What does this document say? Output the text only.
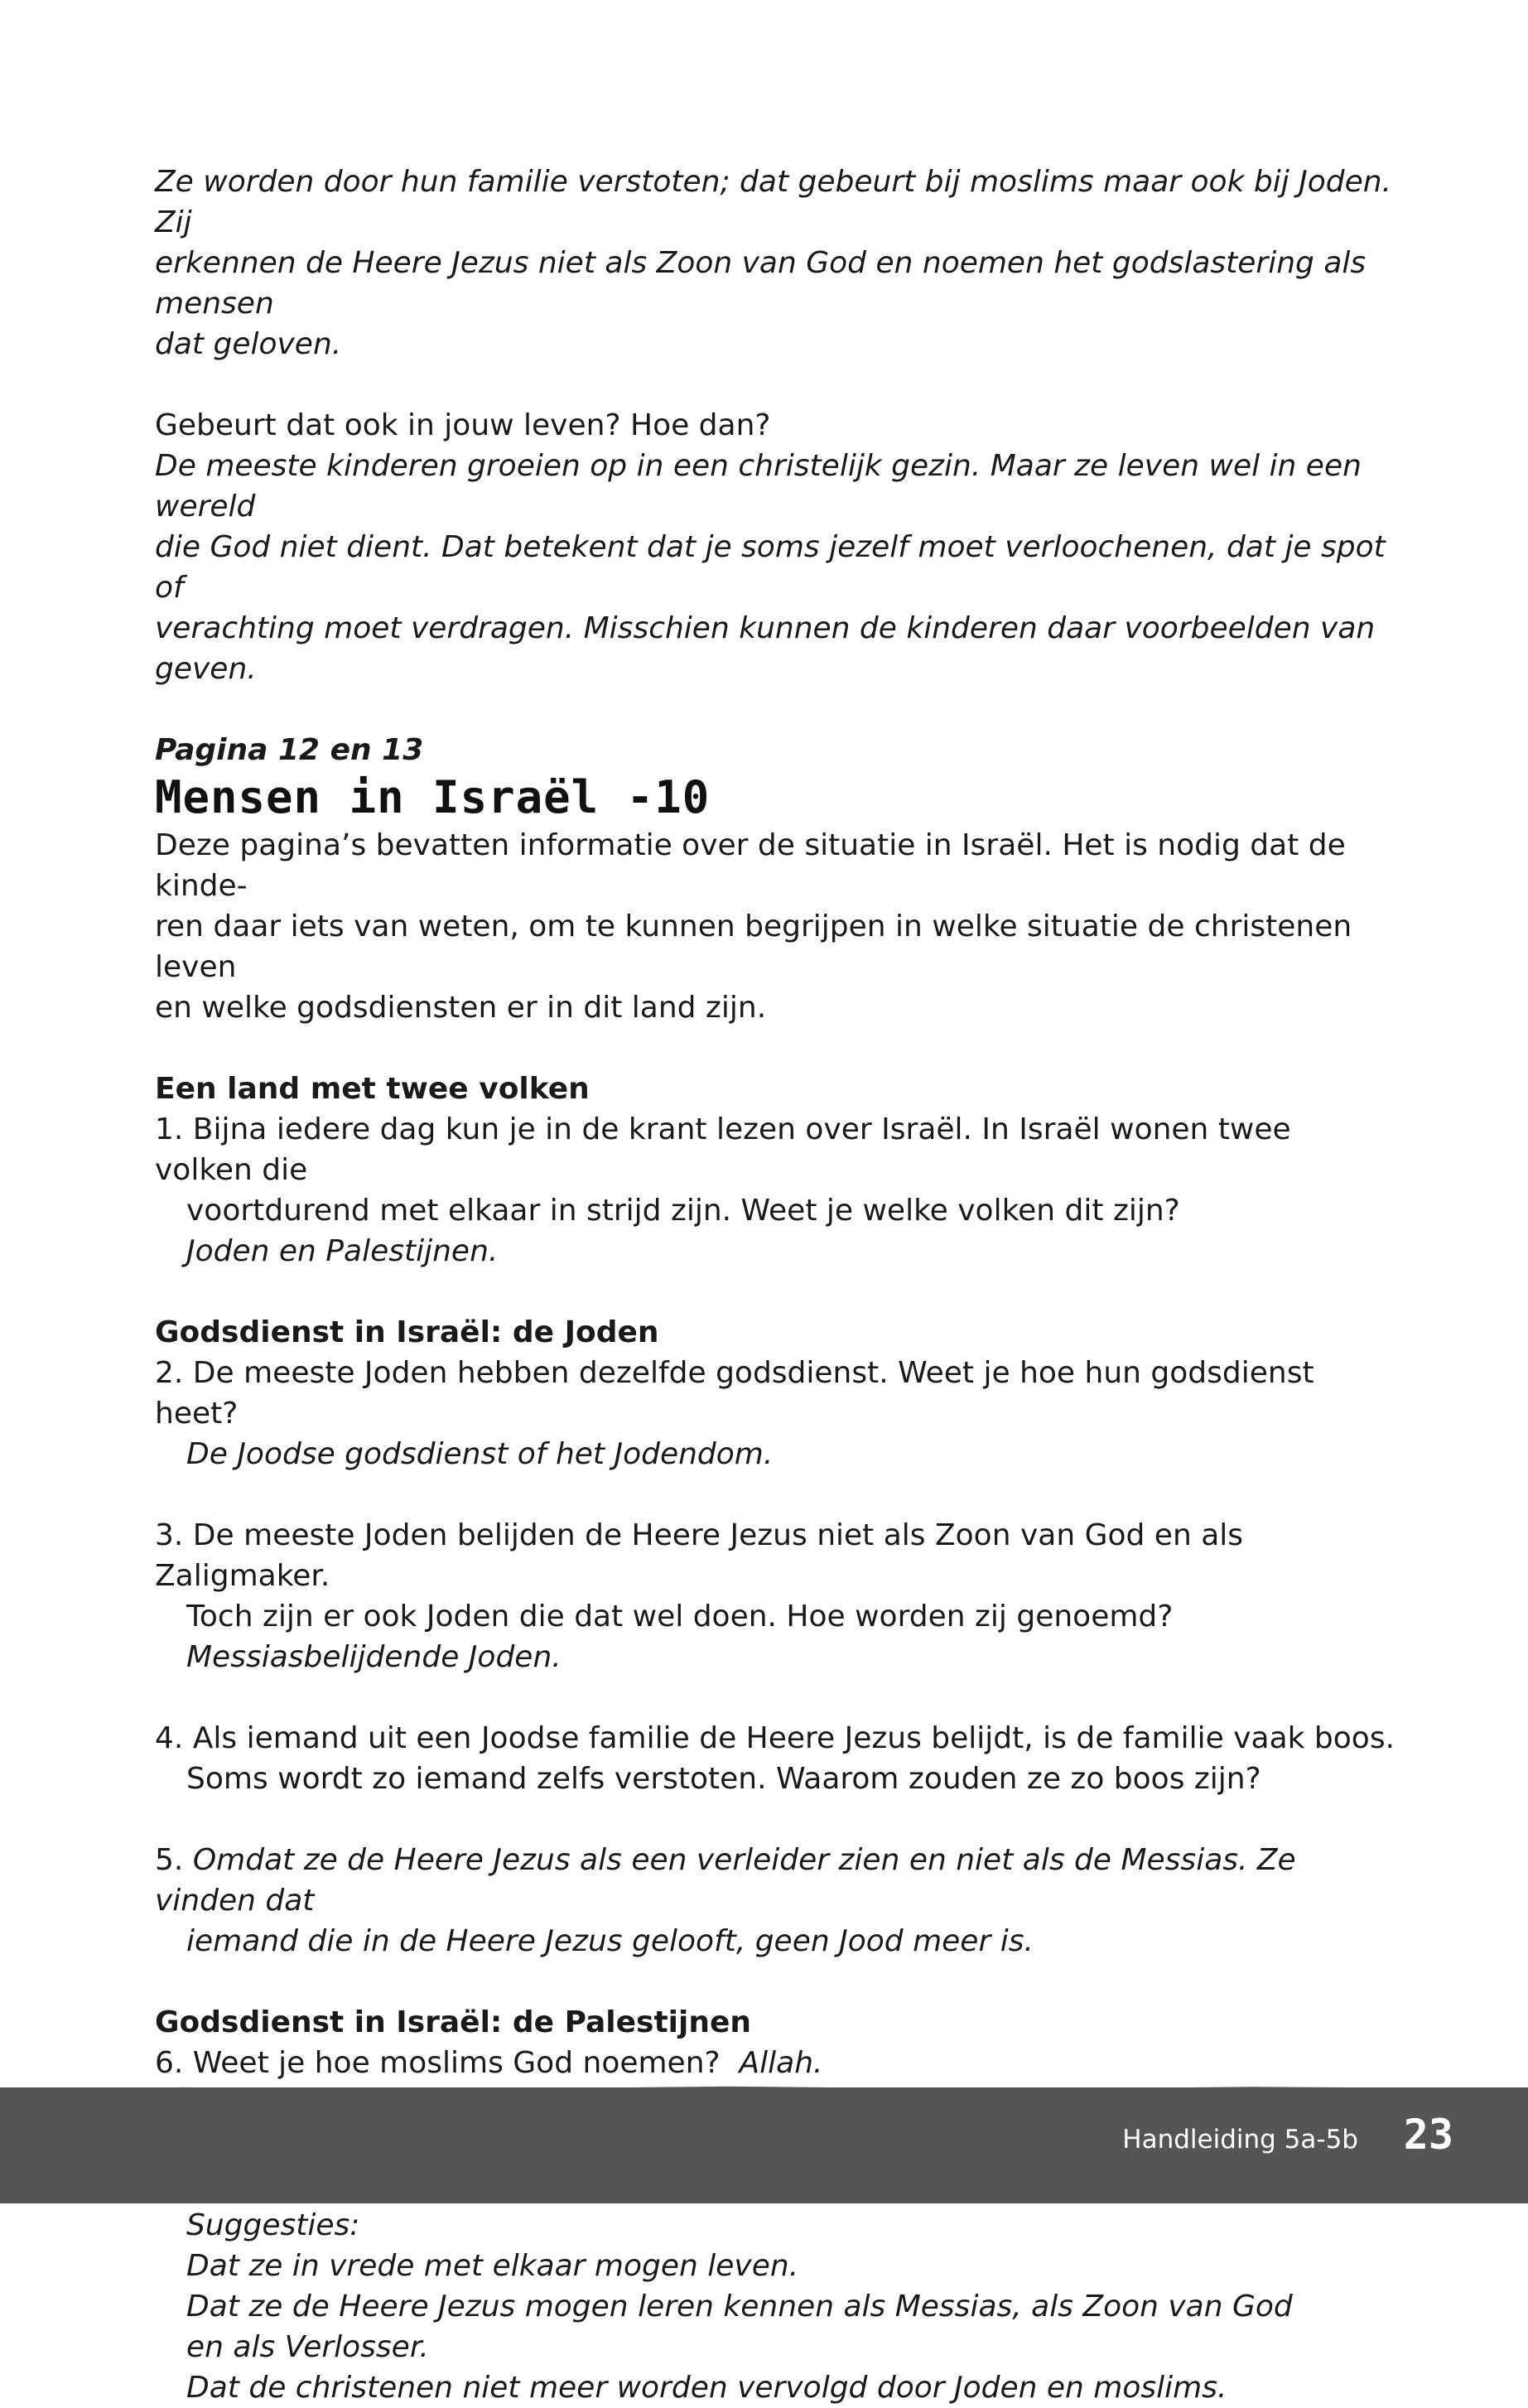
Ze worden door hun familie verstoten; dat gebeurt bij moslims maar ook bij Joden. Zij

erkennen de Heere Jezus niet als Zoon van God en noemen het godslastering als mensen

dat geloven.

Gebeurt dat ook in jouw leven? Hoe dan?

De meeste kinderen groeien op in een christelijk gezin. Maar ze leven wel in een wereld

die God niet dient. Dat betekent dat je soms jezelf moet verloochenen, dat je spot of

verachting moet verdragen. Misschien kunnen de kinderen daar voorbeelden van geven.

Pagina 12 en 13

Mensen in Israël -10

Deze pagina’s bevatten informatie over de situatie in Israël. Het is nodig dat de kinde-

ren daar iets van weten, om te kunnen begrijpen in welke situatie de christenen leven

en welke godsdiensten er in dit land zijn.

Een land met twee volken

1. Bijna iedere dag kun je in de krant lezen over Israël. In Israël wonen twee volken die

voortdurend met elkaar in strijd zijn. Weet je welke volken dit zijn?

Joden en Palestijnen.

Godsdienst in Israël: de Joden

2. De meeste Joden hebben dezelfde godsdienst. Weet je hoe hun godsdienst heet?

De Joodse godsdienst of het Jodendom.

3. De meeste Joden belijden de Heere Jezus niet als Zoon van God en als Zaligmaker.

Toch zijn er ook Joden die dat wel doen. Hoe worden zij genoemd?

Messiasbelijdende Joden.

4. Als iemand uit een Joodse familie de Heere Jezus belijdt, is de familie vaak boos.

Soms wordt zo iemand zelfs verstoten. Waarom zouden ze zo boos zijn?

5. Omdat ze de Heere Jezus als een verleider zien en niet als de Messias. Ze vinden dat

iemand die in de Heere Jezus gelooft, geen Jood meer is.

Godsdienst in Israël: de Palestijnen

6. Weet je hoe moslims God noemen? Allah.

Suggesties:

Dat ze in vrede met elkaar mogen leven.

Dat ze de Heere Jezus mogen leren kennen als Messias, als Zoon van God

en als Verlosser.

Dat de christenen niet meer worden vervolgd door Joden en moslims.

Handleiding 5a-5b 23
